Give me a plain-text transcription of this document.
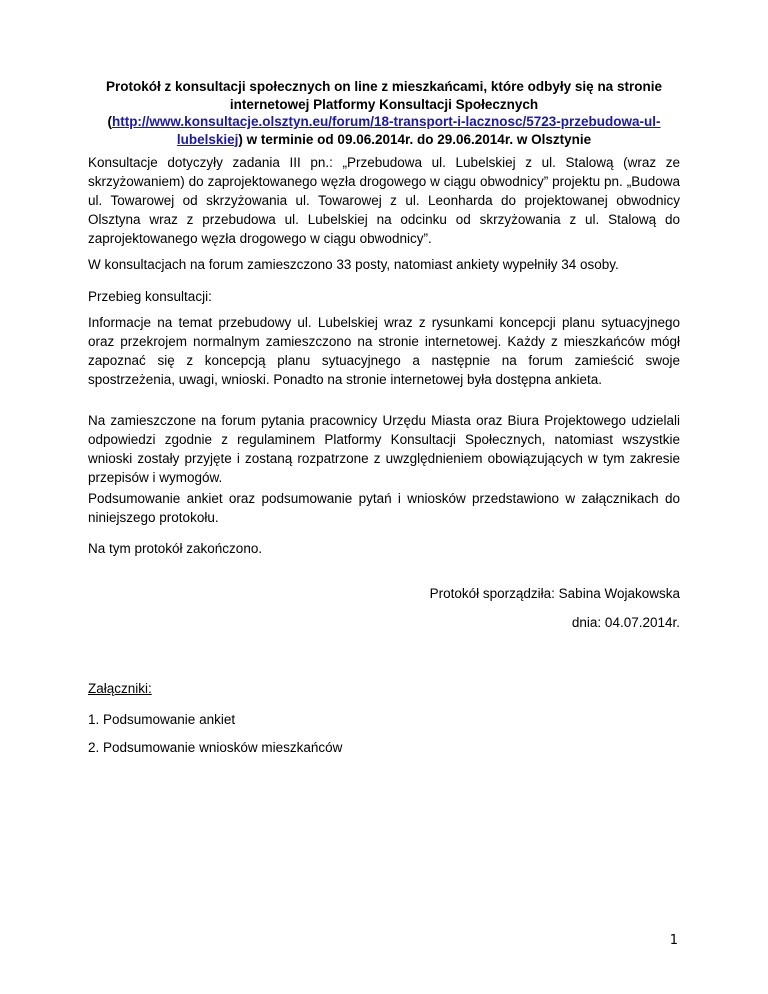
Protokół z konsultacji społecznych on line z mieszkańcami, które odbyły się na stronie internetowej Platformy Konsultacji Społecznych
(http://www.konsultacje.olsztyn.eu/forum/18-transport-i-lacznosc/5723-przebudowa-ul-lubelskiej) w terminie od 09.06.2014r. do 29.06.2014r. w Olsztynie
Konsultacje dotyczyły zadania III pn.: „Przebudowa ul. Lubelskiej z ul. Stalową (wraz ze skrzyżowaniem) do zaprojektowanego węzła drogowego w ciągu obwodnicy” projektu pn. „Budowa ul. Towarowej od skrzyżowania ul. Towarowej z ul. Leonharda do projektowanej obwodnicy Olsztyna wraz z przebudowa ul. Lubelskiej na odcinku od skrzyżowania z ul. Stalową do zaprojektowanego węzła drogowego w ciągu obwodnicy”.
W konsultacjach na forum zamieszczono 33 posty, natomiast ankiety wypełniły 34 osoby.
Przebieg konsultacji:
Informacje na temat przebudowy ul. Lubelskiej wraz z rysunkami koncepcji planu sytuacyjnego oraz przekrojem normalnym zamieszczono na stronie internetowej. Każdy z mieszkańców mógł zapoznać się z koncepcją planu sytuacyjnego a następnie na forum zamieścić swoje spostrzeżenia, uwagi, wnioski. Ponadto na stronie internetowej była dostępna ankieta.
Na zamieszczone na forum pytania pracownicy Urzędu Miasta oraz Biura Projektowego udzielali odpowiedzi zgodnie z regulaminem Platformy Konsultacji Społecznych, natomiast wszystkie wnioski zostały przyjęte i zostaną rozpatrzone z uwzględnieniem obowiązujących w tym zakresie przepisów i wymogów.
Podsumowanie ankiet oraz podsumowanie pytań i wniosków przedstawiono w załącznikach do niniejszego protokołu.
Na tym protokół zakończono.
Protokół sporządziła: Sabina Wojakowska
dnia: 04.07.2014r.
Załączniki:
1. Podsumowanie ankiet
2. Podsumowanie wniosków mieszkańców
1
